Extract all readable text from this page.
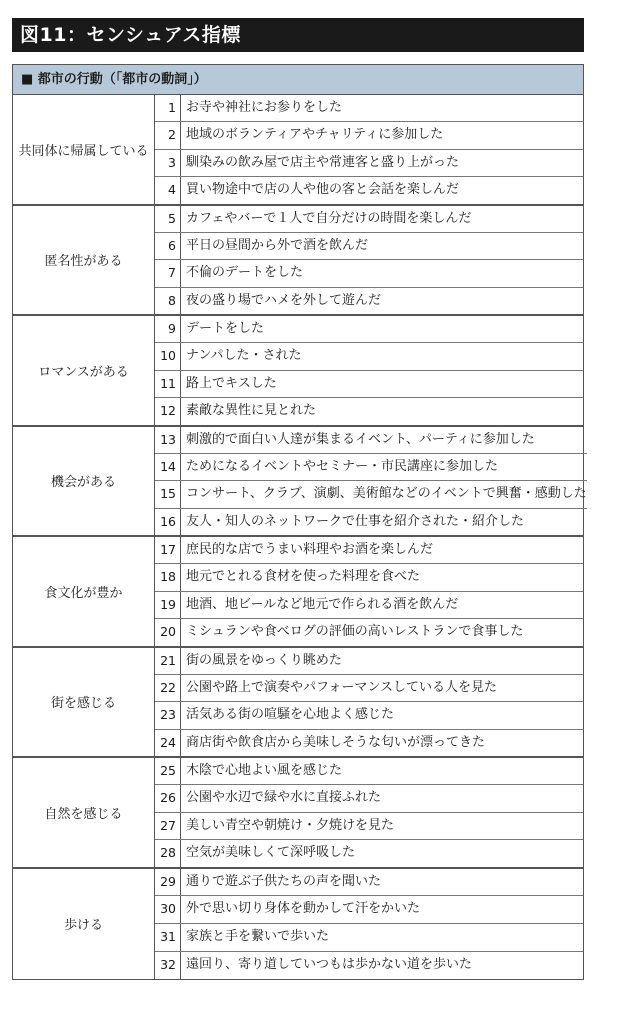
図11：センシュアス指標
■ 都市の行動（「都市の動詞」）
共同体に帰属している
1 お寺や神社にお参りをした
2 地域のボランティアやチャリティに参加した
3 馴染みの飲み屋で店主や常連客と盛り上がった
4 買い物途中で店の人や他の客と会話を楽しんだ
匿名性がある
5 カフェやバーで１人で自分だけの時間を楽しんだ
6 平日の昼間から外で酒を飲んだ
7 不倫のデートをした
8 夜の盛り場でハメを外して遊んだ
ロマンスがある
9 デートをした
10 ナンパした・された
11 路上でキスした
12 素敵な異性に見とれた
機会がある
13 刺激的で面白い人達が集まるイベント、パーティに参加した
14 ためになるイベントやセミナー・市民講座に参加した
15 コンサート、クラブ、演劇、美術館などのイベントで興奮・感動した
16 友人・知人のネットワークで仕事を紹介された・紹介した
食文化が豊か
17 庶民的な店でうまい料理やお酒を楽しんだ
18 地元でとれる食材を使った料理を食べた
19 地酒、地ビールなど地元で作られる酒を飲んだ
20 ミシュランや食べログの評価の高いレストランで食事した
街を感じる
21 街の風景をゆっくり眺めた
22 公園や路上で演奏やパフォーマンスしている人を見た
23 活気ある街の喧騒を心地よく感じた
24 商店街や飲食店から美味しそうな匂いが漂ってきた
自然を感じる
25 木陰で心地よい風を感じた
26 公園や水辺で緑や水に直接ふれた
27 美しい青空や朝焼け・夕焼けを見た
28 空気が美味しくて深呼吸した
歩ける
29 通りで遊ぶ子供たちの声を聞いた
30 外で思い切り身体を動かして汗をかいた
31 家族と手を繋いで歩いた
32 遠回り、寄り道していつもは歩かない道を歩いた
